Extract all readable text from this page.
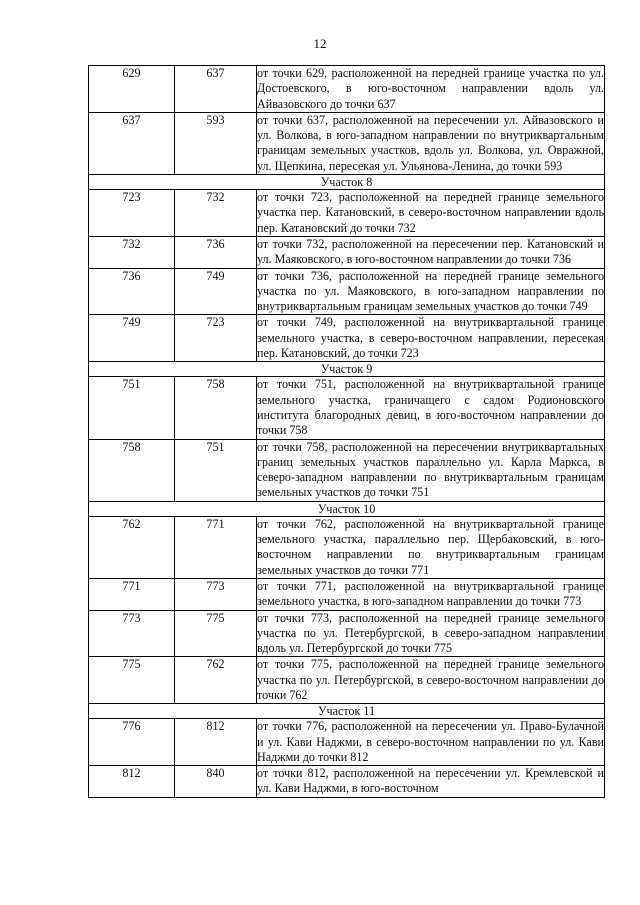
12
629	637	от точки 629, расположенной на передней границе участка по ул. Достоевского, в юго-восточном направлении вдоль ул. Айвазовского до точки 637
637	593	от точки 637, расположенной на пересечении ул. Айвазовского и ул. Волкова, в юго-западном направлении по внутриквартальным границам земельных участков, вдоль ул. Волкова, ул. Овражной, ул. Щепкина, пересекая ул. Ульянова-Ленина, до точки 593
Участок 8		
723	732	от точки 723, расположенной на передней границе земельного участка пер. Катановский, в северо-восточном направлении вдоль пер. Катановский до точки 732
732	736	от точки 732, расположенной на пересечении пер. Катановский и ул. Маяковского, в юго-восточном направлении до точки 736
736	749	от точки 736, расположенной на передней границе земельного участка по ул. Маяковского, в юго-западном направлении по внутриквартальным границам земельных участков до точки 749
749	723	от точки 749, расположенной на внутриквартальной границе земельного участка, в северо-восточном направлении, пересекая пер. Катановский, до точки 723
Участок 9		
751	758	от точки 751, расположенной на внутриквартальной границе земельного участка, граничащего с садом Родионовского института благородных девиц, в юго-восточном направлении до точки 758
758	751	от точки 758, расположенной на пересечении внутриквартальных границ земельных участков параллельно ул. Карла Маркса, в северо-западном направлении по внутриквартальным границам земельных участков до точки 751
Участок 10		
762	771	от точки 762, расположенной на внутриквартальной границе земельного участка, параллельно пер. Щербаковский, в юго-восточном направлении по внутриквартальным границам земельных участков до точки 771
771	773	от точки 771, расположенной на внутриквартальной границе земельного участка, в юго-западном направлении до точки 773
773	775	от точки 773, расположенной на передней границе земельного участка по ул. Петербургской, в северо-западном направлении вдоль ул. Петербургской до точки 775
775	762	от точки 775, расположенной на передней границе земельного участка по ул. Петербургской, в северо-восточном направлении до точки 762
Участок 11		
776	812	от точки 776, расположенной на пересечении ул. Право-Булачной и ул. Кави Наджми, в северо-восточном направлении по ул. Кави Наджми до точки 812
812	840	от точки 812, расположенной на пересечении ул. Кремлевской и ул. Кави Наджми, в юго-восточном
